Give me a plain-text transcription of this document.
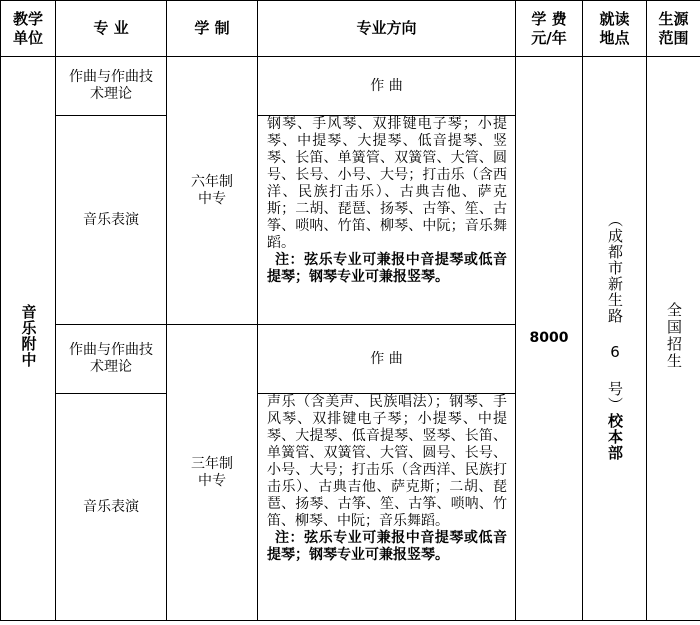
教学单位	专 业	学 制	专业方向	学 费元/年	就读地点	生源范围
音乐附中	作曲与作曲技术理论	六年制中专	作 曲	8000	（成都市新生路 6 号）校本部	全国招生
	音乐表演		钢琴、手风琴、双排键电子琴；小提琴、中提琴、大提琴、低音提琴、竖琴、长笛、单簧管、双簧管、大管、圆号、长号、小号、大号；打击乐（含西洋、民族打击乐）、古典吉他、萨克斯；二胡、琵琶、扬琴、古筝、笙、古筝、唢呐、竹笛、柳琴、中阮；音乐舞蹈。
注：弦乐专业可兼报中音提琴或低音提琴；钢琴专业可兼报竖琴。			

	作曲与作曲技术理论	三年制中专	作 曲			
	音乐表演		声乐（含美声、民族唱法）；钢琴、手风琴、双排键电子琴；小提琴、中提琴、大提琴、低音提琴、竖琴、长笛、单簧管、双簧管、大管、圆号、长号、小号、大号；打击乐（含西洋、民族打击乐）、古典吉他、萨克斯；二胡、琵琶、扬琴、古筝、笙、古筝、唢呐、竹笛、柳琴、中阮；音乐舞蹈。
注：弦乐专业可兼报中音提琴或低音提琴；钢琴专业可兼报竖琴。			
